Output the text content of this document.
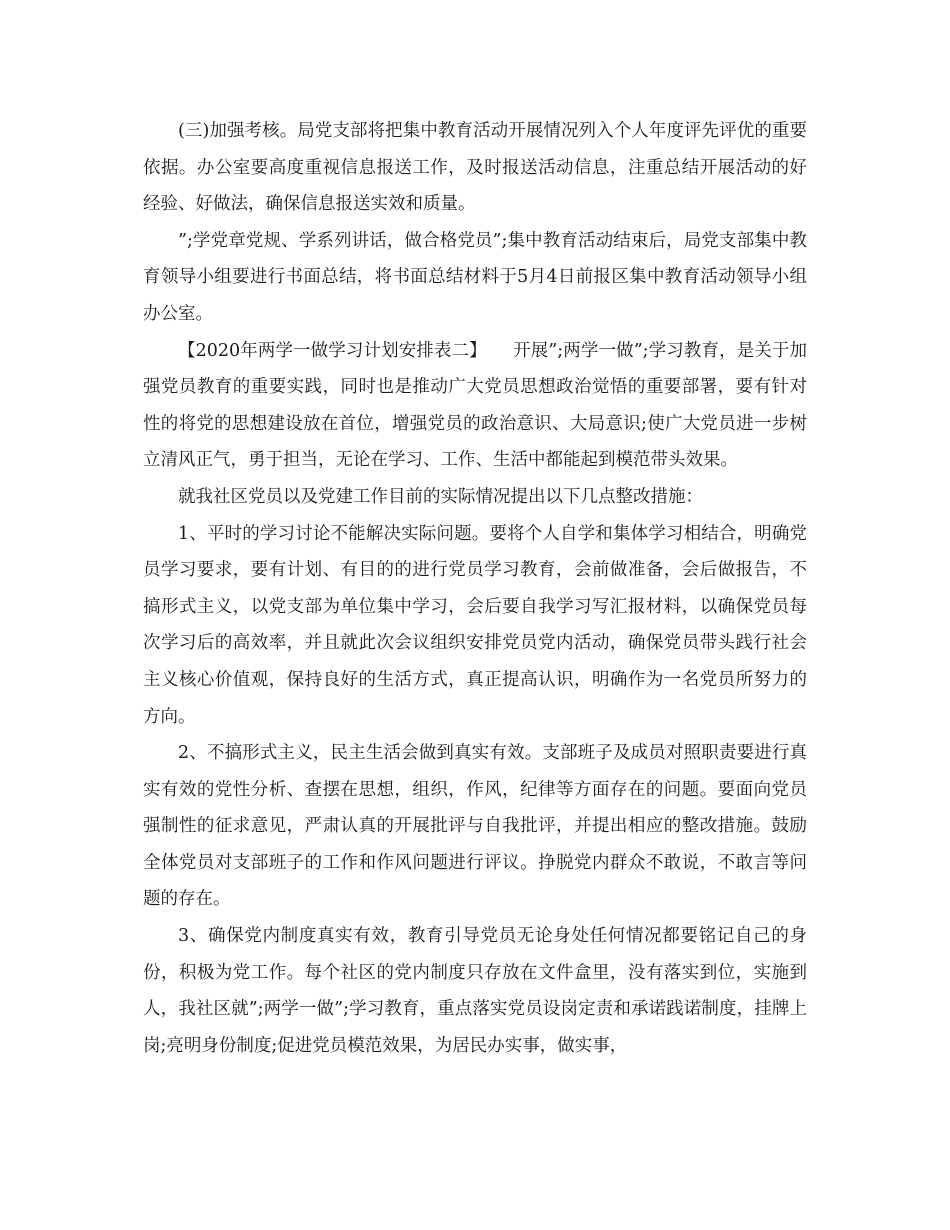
(三)加强考核。局党支部将把集中教育活动开展情况列入个人年度评先评优的重要依据。办公室要高度重视信息报送工作，及时报送活动信息，注重总结开展活动的好经验、好做法，确保信息报送实效和质量。

”;学党章党规、学系列讲话，做合格党员”;集中教育活动结束后，局党支部集中教育领导小组要进行书面总结，将书面总结材料于5月4日前报区集中教育活动领导小组办公室。

【2020年两学一做学习计划安排表二】　　开展”;两学一做”;学习教育，是关于加强党员教育的重要实践，同时也是推动广大党员思想政治觉悟的重要部署，要有针对性的将党的思想建设放在首位，增强党员的政治意识、大局意识;使广大党员进一步树立清风正气，勇于担当，无论在学习、工作、生活中都能起到模范带头效果。

就我社区党员以及党建工作目前的实际情况提出以下几点整改措施：

1、平时的学习讨论不能解决实际问题。要将个人自学和集体学习相结合，明确党员学习要求，要有计划、有目的的进行党员学习教育，会前做准备，会后做报告，不搞形式主义，以党支部为单位集中学习，会后要自我学习写汇报材料，以确保党员每次学习后的高效率，并且就此次会议组织安排党员党内活动，确保党员带头践行社会主义核心价值观，保持良好的生活方式，真正提高认识，明确作为一名党员所努力的方向。

2、不搞形式主义，民主生活会做到真实有效。支部班子及成员对照职责要进行真实有效的党性分析、查摆在思想，组织，作风，纪律等方面存在的问题。要面向党员强制性的征求意见，严肃认真的开展批评与自我批评，并提出相应的整改措施。鼓励全体党员对支部班子的工作和作风问题进行评议。挣脱党内群众不敢说，不敢言等问题的存在。

3、确保党内制度真实有效，教育引导党员无论身处任何情况都要铭记自己的身份，积极为党工作。每个社区的党内制度只存放在文件盒里，没有落实到位，实施到人，我社区就”;两学一做”;学习教育，重点落实党员设岗定责和承诺践诺制度，挂牌上岗;亮明身份制度;促进党员模范效果，为居民办实事，做实事，
